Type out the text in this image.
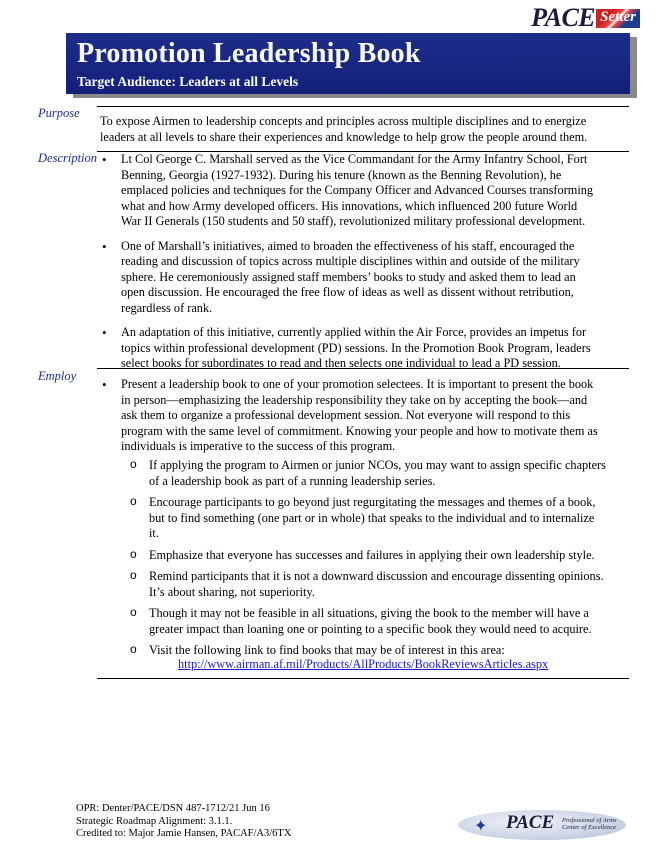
PACE Setter
Promotion Leadership Book
Target Audience: Leaders at all Levels
Purpose
To expose Airmen to leadership concepts and principles across multiple disciplines and to energize
leaders at all levels to share their experiences and knowledge to help grow the people around them.
Description
• Lt Col George C. Marshall served as the Vice Commandant for the Army Infantry School, Fort
Benning, Georgia (1927-1932). During his tenure (known as the Benning Revolution), he
emplaced policies and techniques for the Company Officer and Advanced Courses transforming
what and how Army developed officers. His innovations, which influenced 200 future World
War II Generals (150 students and 50 staff), revolutionized military professional development.
• One of Marshall’s initiatives, aimed to broaden the effectiveness of his staff, encouraged the
reading and discussion of topics across multiple disciplines within and outside of the military
sphere. He ceremoniously assigned staff members’ books to study and asked them to lead an
open discussion. He encouraged the free flow of ideas as well as dissent without retribution,
regardless of rank.
• An adaptation of this initiative, currently applied within the Air Force, provides an impetus for
topics within professional development (PD) sessions. In the Promotion Book Program, leaders
select books for subordinates to read and then selects one individual to lead a PD session.
Employ
• Present a leadership book to one of your promotion selectees. It is important to present the book
in person—emphasizing the leadership responsibility they take on by accepting the book—and
ask them to organize a professional development session. Not everyone will respond to this
program with the same level of commitment. Knowing your people and how to motivate them as
individuals is imperative to the success of this program.
o If applying the program to Airmen or junior NCOs, you may want to assign specific chapters
of a leadership book as part of a running leadership series.
o Encourage participants to go beyond just regurgitating the messages and themes of a book,
but to find something (one part or in whole) that speaks to the individual and to internalize
it.
o Emphasize that everyone has successes and failures in applying their own leadership style.
o Remind participants that it is not a downward discussion and encourage dissenting opinions.
It’s about sharing, not superiority.
o Though it may not be feasible in all situations, giving the book to the member will have a
greater impact than loaning one or pointing to a specific book they would need to acquire.
o Visit the following link to find books that may be of interest in this area:
http://www.airman.af.mil/Products/AllProducts/BookReviewsArticles.aspx
OPR: Denter/PACE/DSN 487-1712/21 Jun 16
Strategic Roadmap Alignment: 3.1.1.
Credited to: Major Jamie Hansen, PACAF/A3/6TX	✦ PACE Professional of Arms Center of Excellence
